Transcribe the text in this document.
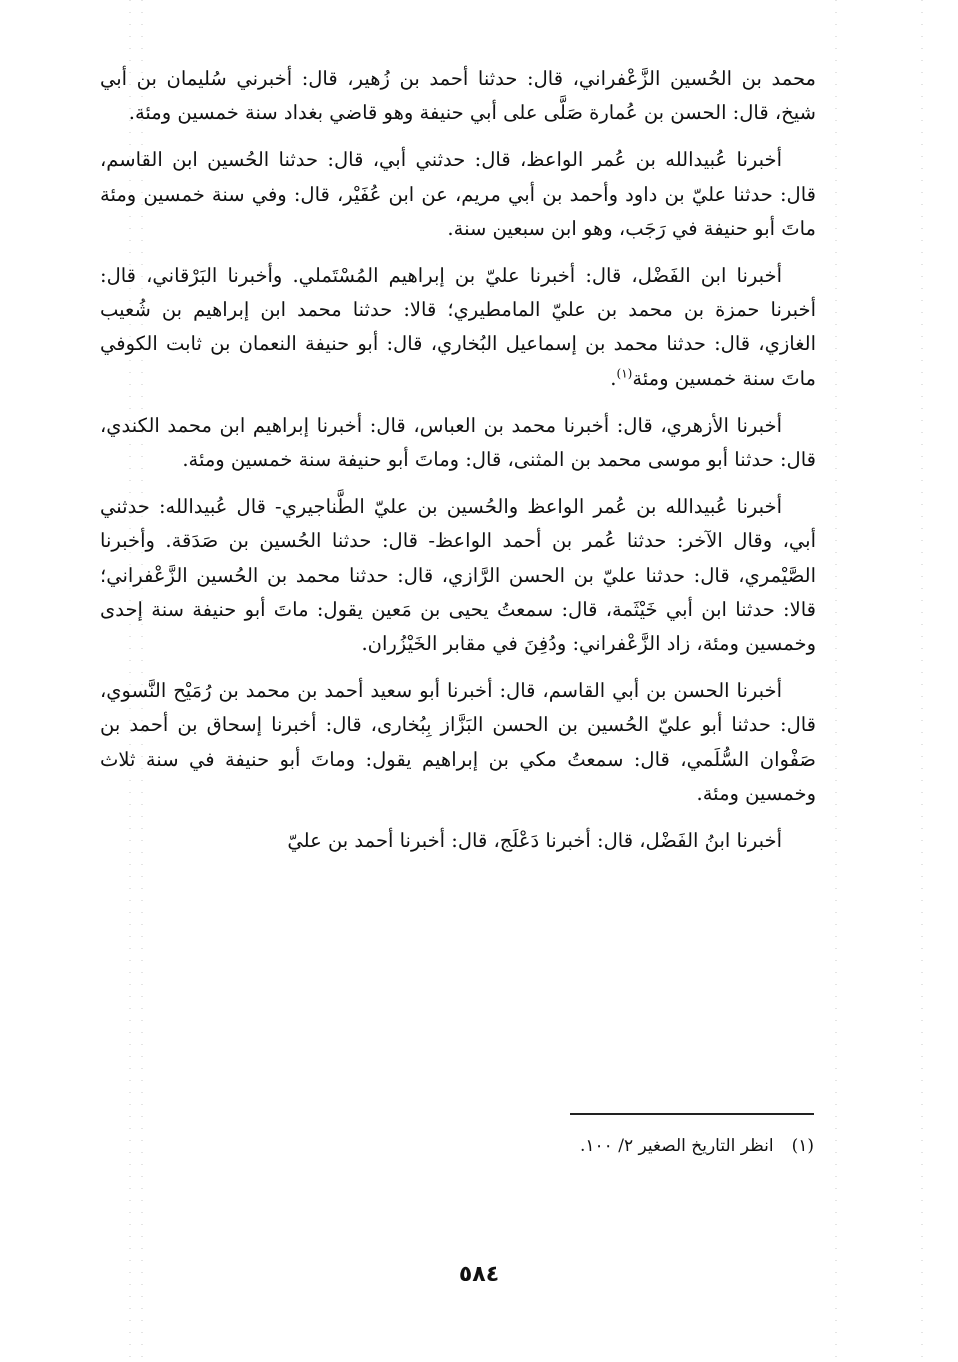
محمد بن الحُسين الزَّعْفراني، قال: حدثنا أحمد بن زُهير، قال: أخبرني سُليمان بن أبي شيخ، قال: الحسن بن عُمارة صَلَّى على أبي حنيفة وهو قاضي بغداد سنة خمسين ومئة.

أخبرنا عُبيدالله بن عُمر الواعظ، قال: حدثني أبي، قال: حدثنا الحُسين ابن القاسم، قال: حدثنا عليّ بن داود وأحمد بن أبي مريم، عن ابن عُفَيْر، قال: وفي سنة خمسين ومئة ماتَ أبو حنيفة في رَجَب، وهو ابن سبعين سنة.

أخبرنا ابن الفَضْل، قال: أخبرنا عليّ بن إبراهيم المُسْتَملي. وأخبرنا البَرْقاني، قال: أخبرنا حمزة بن محمد بن عليّ المامطيري؛ قالا: حدثنا محمد ابن إبراهيم بن شُعيب الغازي، قال: حدثنا محمد بن إسماعيل البُخاري، قال: أبو حنيفة النعمان بن ثابت الكوفي ماتَ سنة خمسين ومئة$^{(١)}$.

أخبرنا الأزهري، قال: أخبرنا محمد بن العباس، قال: أخبرنا إبراهيم ابن محمد الكندي، قال: حدثنا أبو موسى محمد بن المثنى، قال: وماتَ أبو حنيفة سنة خمسين ومئة.

أخبرنا عُبيدالله بن عُمر الواعظ والحُسين بن عليّ الطَّناجيري- قال عُبيدالله: حدثني أبي، وقال الآخر: حدثنا عُمر بن أحمد الواعظ- قال: حدثنا الحُسين بن صَدَقة. وأخبرنا الصَّيْمري، قال: حدثنا عليّ بن الحسن الرَّازي، قال: حدثنا محمد بن الحُسين الزَّعْفراني؛ قالا: حدثنا ابن أبي خَيْثَمة، قال: سمعتُ يحيى بن مَعين يقول: ماتَ أبو حنيفة سنة إحدى وخمسين ومئة، زاد الزَّعْفراني: ودُفِنَ في مقابر الخَيْزُران.

أخبرنا الحسن بن أبي القاسم، قال: أخبرنا أبو سعيد أحمد بن محمد بن رُمَيْح النَّسوي، قال: حدثنا أبو عليّ الحُسين بن الحسن البَزَّاز بِبُخارى، قال: أخبرنا إسحاق بن أحمد بن صَفْوان السُّلَمي، قال: سمعتُ مكي بن إبراهيم يقول: وماتَ أبو حنيفة في سنة ثلاث وخمسين ومئة.

أخبرنا ابنُ الفَضْل، قال: أخبرنا دَعْلَج، قال: أخبرنا أحمد بن عليّ

(١)انظر التاريخ الصغير ٢/ ١٠٠.
٥٨٤
